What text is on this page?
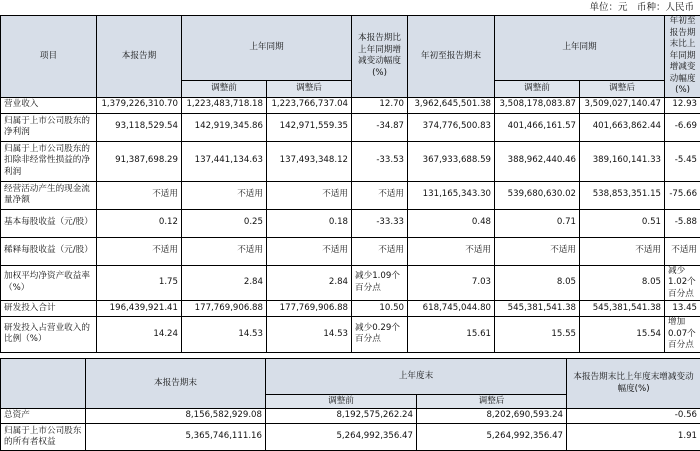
单位：元　币种：人民币
项目	本报告期	上年同期		本报告期比上年同期增减变动幅度(%)	年初至报告期末	上年同期		年初至报告期末比上年同期增减变动幅度(%)
		调整前	调整后			调整前	调整后	
营业收入	1,379,226,310.70	1,223,483,718.18	1,223,766,737.04	12.70	3,962,645,501.38	3,508,178,083.87	3,509,027,140.47	12.93
归属于上市公司股东的净利润	93,118,529.54	142,919,345.86	142,971,559.35	-34.87	374,776,500.83	401,466,161.57	401,663,862.44	-6.69
归属于上市公司股东的扣除非经常性损益的净利润	91,387,698.29	137,441,134.63	137,493,348.12	-33.53	367,933,688.59	388,962,440.46	389,160,141.33	-5.45
经营活动产生的现金流量净额	不适用	不适用	不适用	不适用	131,165,343.30	539,680,630.02	538,853,351.15	-75.66
基本每股收益（元/股）	0.12	0.25	0.18	-33.33	0.48	0.71	0.51	-5.88
稀释每股收益（元/股）	不适用	不适用	不适用	不适用	不适用	不适用	不适用	不适用
加权平均净资产收益率（%）	1.75	2.84	2.84	减少1.09个百分点	7.03	8.05	8.05	减少1.02个百分点
研发投入合计	196,439,921.41	177,769,906.88	177,769,906.88	10.50	618,745,044.80	545,381,541.38	545,381,541.38	13.45
研发投入占营业收入的比例（%）	14.24	14.53	14.53	减少0.29个百分点	15.61	15.55	15.54	增加0.07个百分点
	本报告期末	上年度末		本报告期末比上年度末增减变动幅度(%)
		调整前	调整后	
总资产	8,156,582,929.08	8,192,575,262.24	8,202,690,593.24	-0.56
归属于上市公司股东的所有者权益	5,365,746,111.16	5,264,992,356.47	5,264,992,356.47	1.91
